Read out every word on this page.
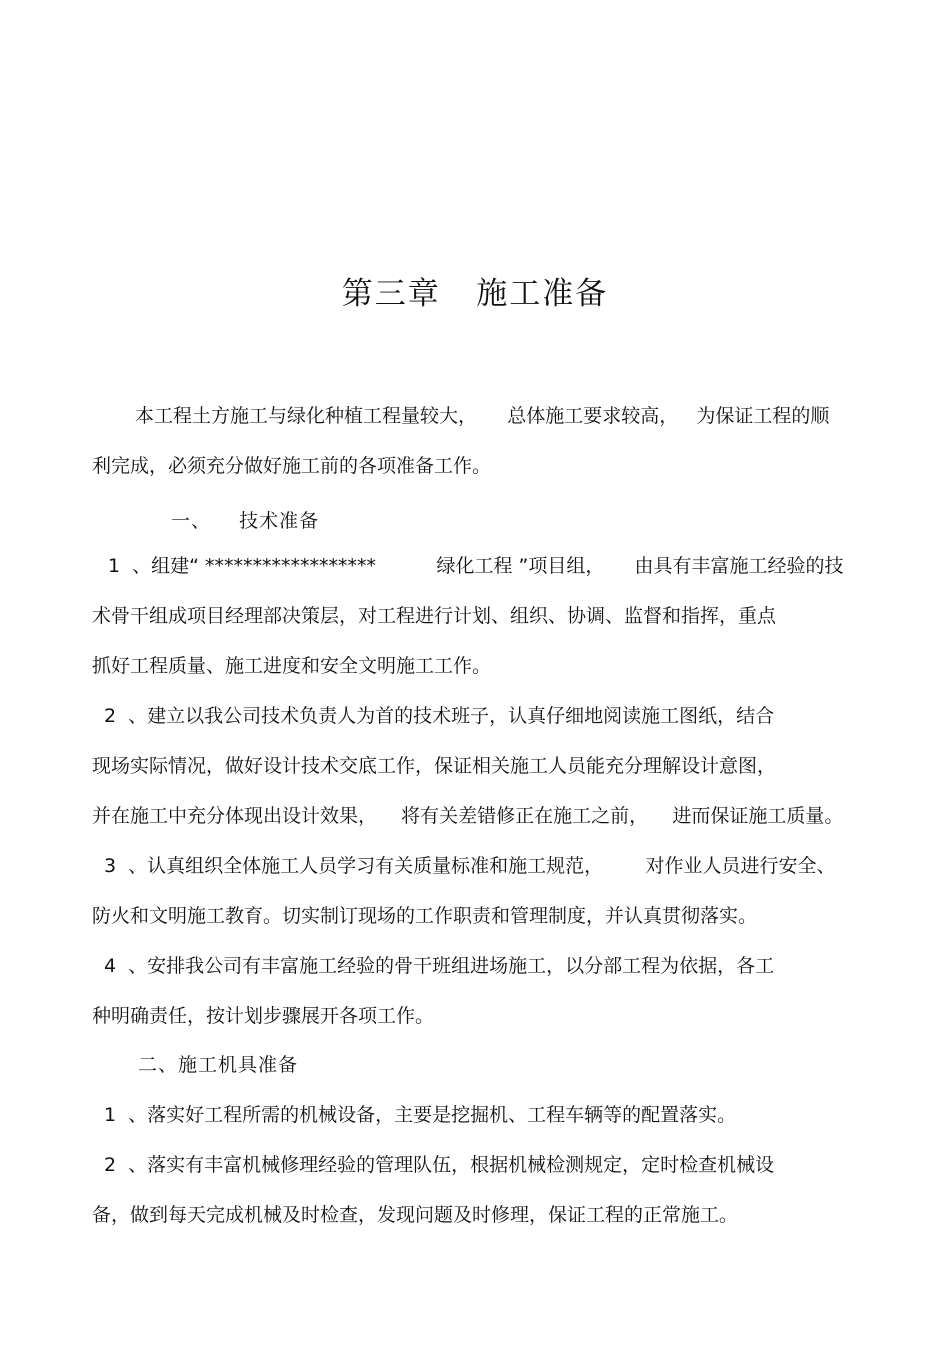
第三章   施工准备
本工程土方施工与绿化种植工程量较大，     总体施工要求较高，   为保证工程的顺
利完成，必须充分做好施工前的各项准备工作。
一、    技术准备
1  、组建“ ******************          绿化工程 ”项目组，     由具有丰富施工经验的技
术骨干组成项目经理部决策层，对工程进行计划、组织、协调、监督和指挥，重点
抓好工程质量、施工进度和安全文明施工工作。
2  、建立以我公司技术负责人为首的技术班子，认真仔细地阅读施工图纸，结合
现场实际情况，做好设计技术交底工作，保证相关施工人员能充分理解设计意图，
并在施工中充分体现出设计效果，    将有关差错修正在施工之前，    进而保证施工质量。
3  、认真组织全体施工人员学习有关质量标准和施工规范，       对作业人员进行安全、
防火和文明施工教育。切实制订现场的工作职责和管理制度，并认真贯彻落实。
4  、安排我公司有丰富施工经验的骨干班组进场施工，以分部工程为依据，各工
种明确责任，按计划步骤展开各项工作。
二、施工机具准备
1  、落实好工程所需的机械设备，主要是挖掘机、工程车辆等的配置落实。
2  、落实有丰富机械修理经验的管理队伍，根据机械检测规定，定时检查机械设
备，做到每天完成机械及时检查，发现问题及时修理，保证工程的正常施工。
